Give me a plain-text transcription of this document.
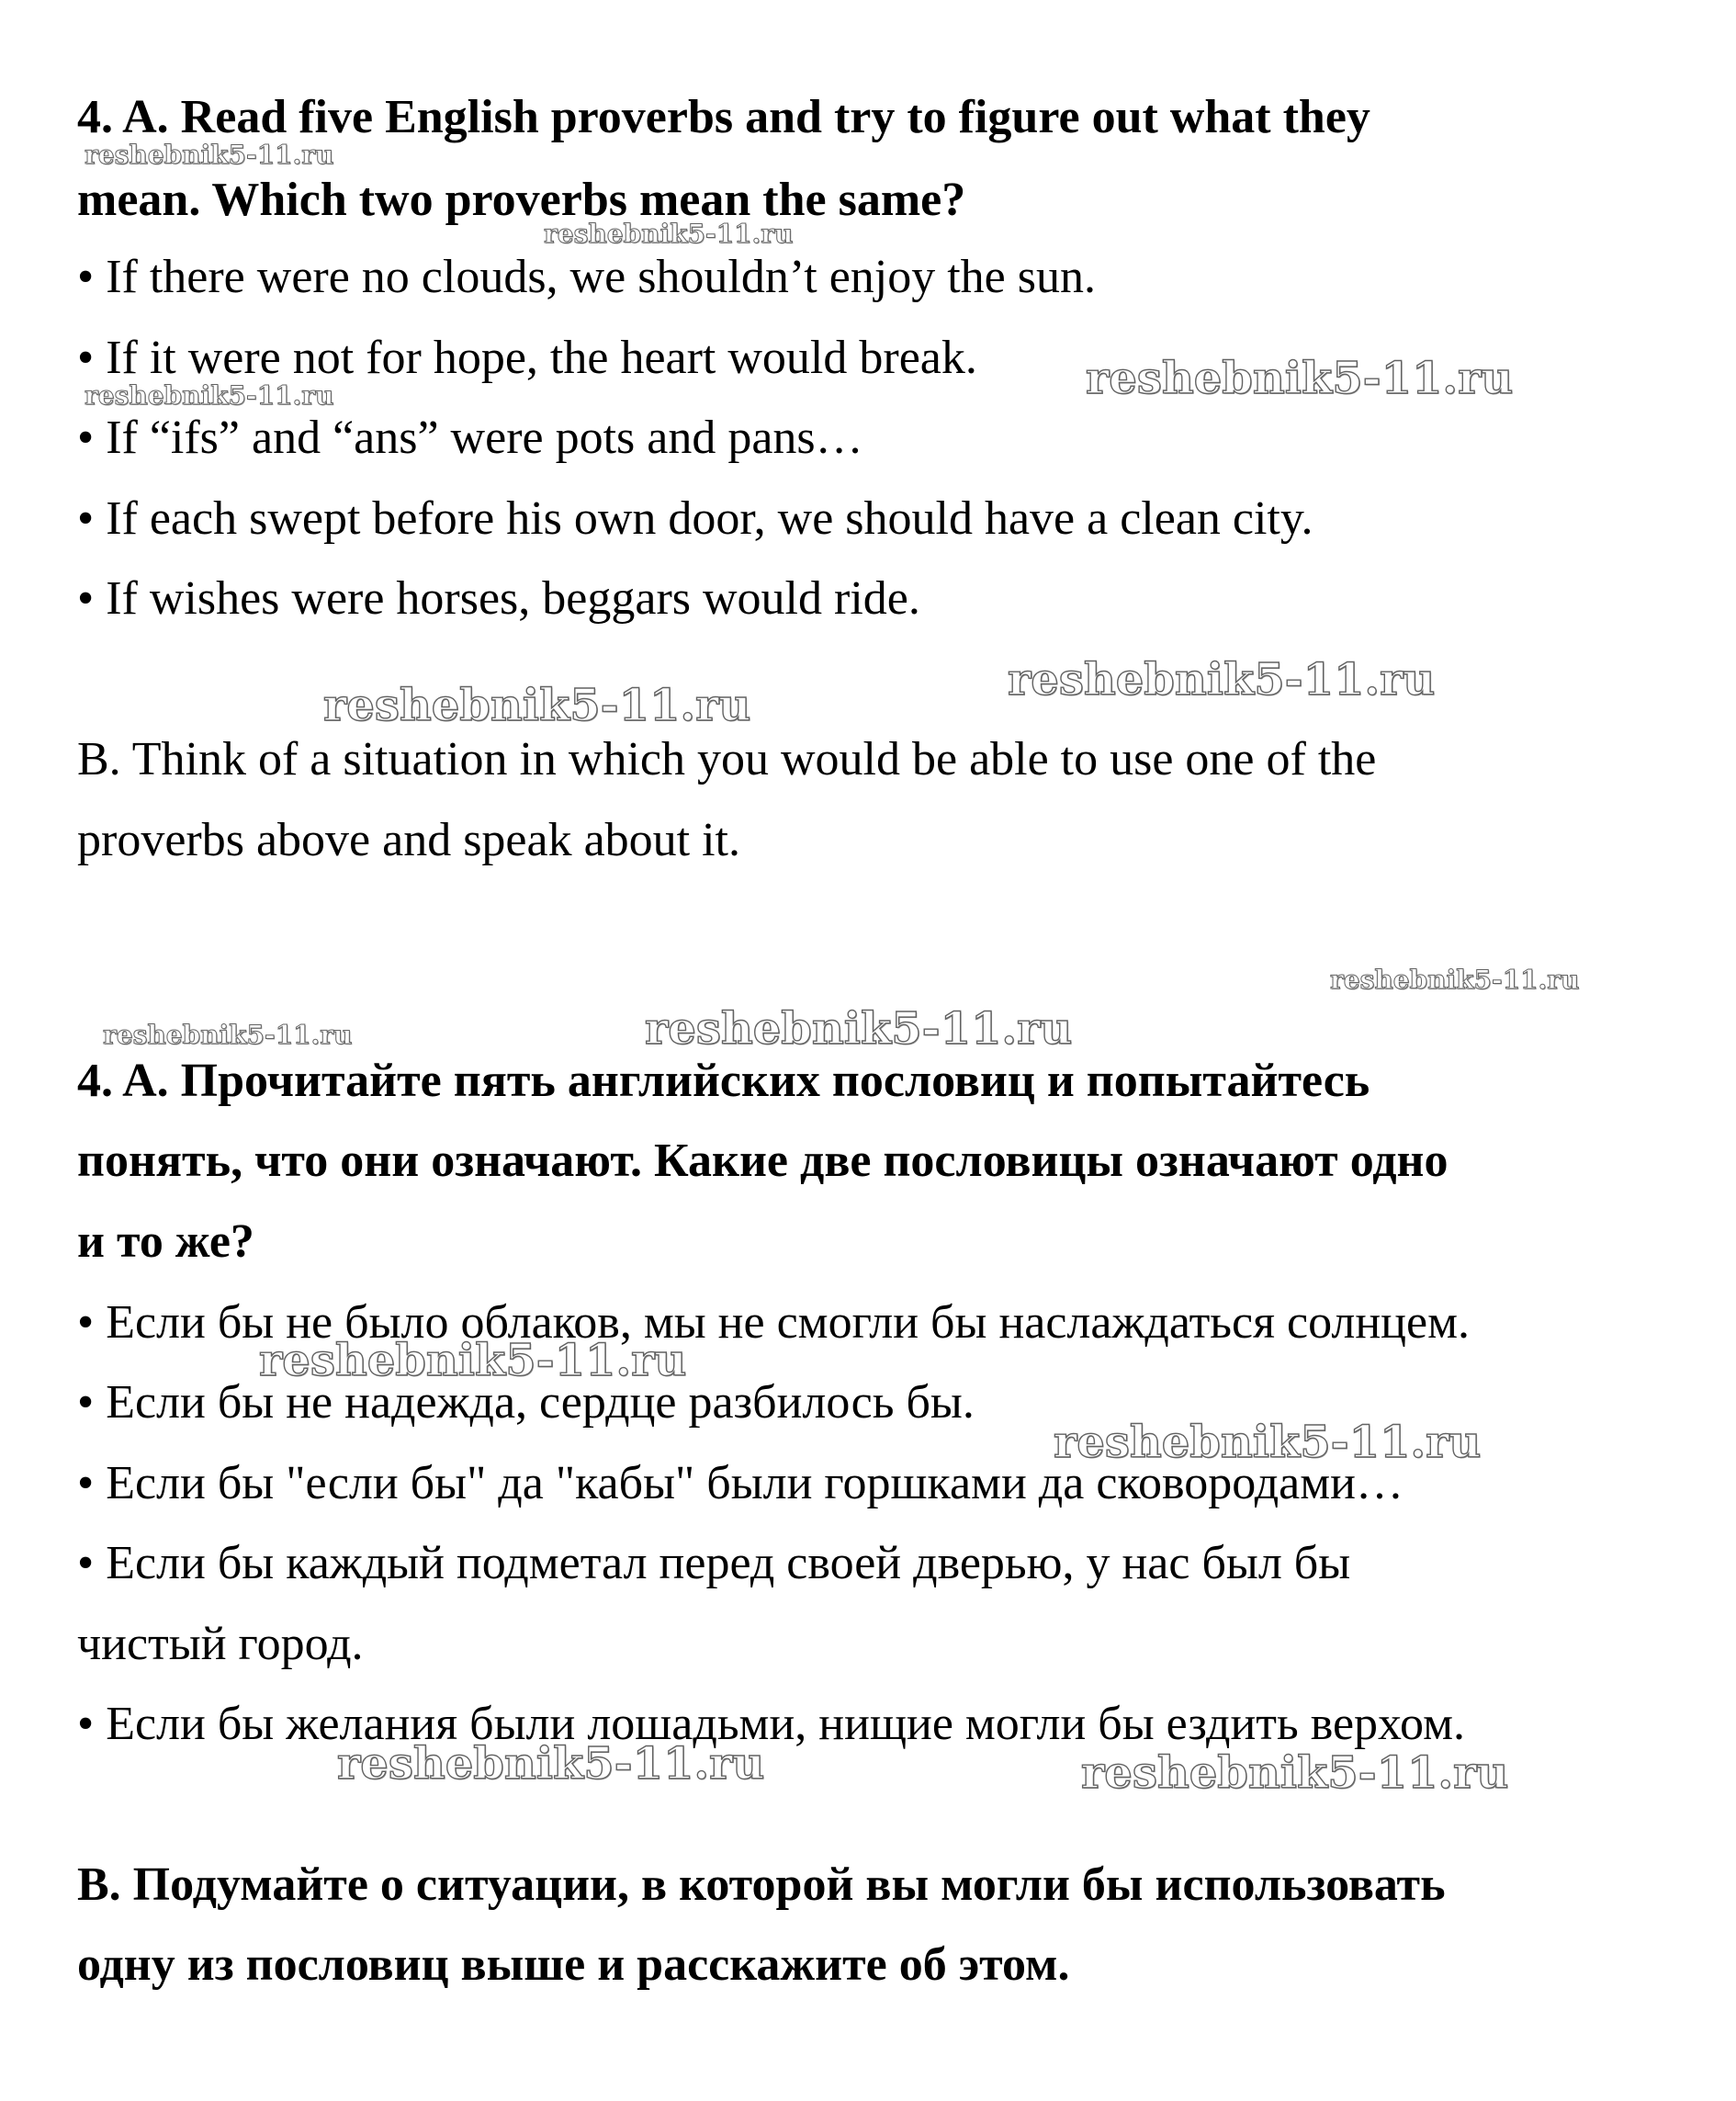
4. A. Read five English proverbs and try to figure out what they
mean. Which two proverbs mean the same?
• If there were no clouds, we shouldn’t enjoy the sun.
• If it were not for hope, the heart would break.
• If “ifs” and “ans” were pots and pans…
• If each swept before his own door, we should have a clean city.
• If wishes were horses, beggars would ride.
B. Think of a situation in which you would be able to use one of the
proverbs above and speak about it.
4. A. Прочитайте пять английских пословиц и попытайтесь
понять, что они означают. Какие две пословицы означают одно
и то же?
• Если бы не было облаков, мы не смогли бы наслаждаться солнцем.
• Если бы не надежда, сердце разбилось бы.
• Если бы "если бы" да "кабы" были горшками да сковородами…
• Если бы каждый подметал перед своей дверью, у нас был бы
чистый город.
• Если бы желания были лошадьми, нищие могли бы ездить верхом.
B. Подумайте о ситуации, в которой вы могли бы использовать
одну из пословиц выше и расскажите об этом.
reshebnik5-11.ru
reshebnik5-11.ru
reshebnik5-11.ru
reshebnik5-11.ru
reshebnik5-11.ru
reshebnik5-11.ru
reshebnik5-11.ru
reshebnik5-11.ru	reshebnik5-11.ru
reshebnik5-11.ru
reshebnik5-11.ru
reshebnik5-11.ru	reshebnik5-11.ru
